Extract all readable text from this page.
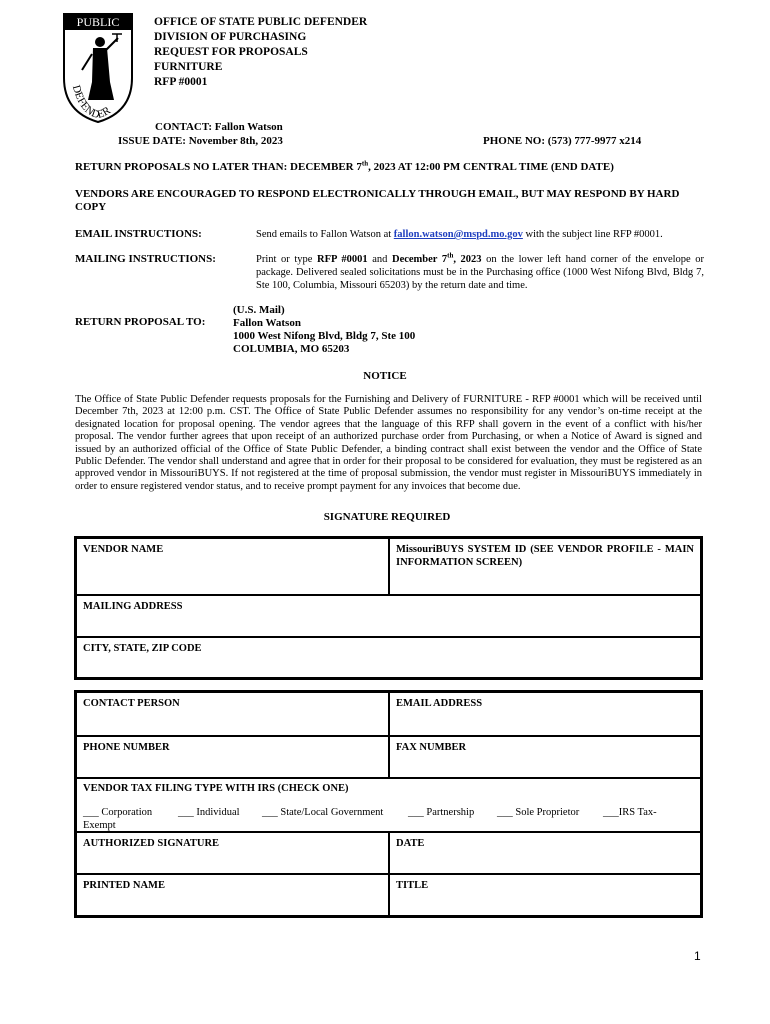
PUBLIC
DEFENDER
OFFICE OF STATE PUBLIC DEFENDER
DIVISION OF PURCHASING
REQUEST FOR PROPOSALS
FURNITURE
RFP #0001
CONTACT: Fallon Watson
ISSUE DATE: November 8th, 2023	PHONE NO: (573) 777-9977 x214
RETURN PROPOSALS NO LATER THAN: DECEMBER 7th, 2023 AT 12:00 PM CENTRAL TIME (END DATE)
VENDORS ARE ENCOURAGED TO RESPOND ELECTRONICALLY THROUGH EMAIL, BUT MAY RESPOND BY HARD COPY
EMAIL INSTRUCTIONS:	Send emails to Fallon Watson at fallon.watson@mspd.mo.gov with the subject line RFP #0001.
MAILING INSTRUCTIONS:	Print or type RFP #0001 and December 7th, 2023 on the lower left hand corner of the envelope or package. Delivered sealed solicitations must be in the Purchasing office (1000 West Nifong Blvd, Bldg 7, Ste 100, Columbia, Missouri 65203) by the return date and time.
RETURN PROPOSAL TO:
(U.S. Mail)
Fallon Watson
1000 West Nifong Blvd, Bldg 7, Ste 100
COLUMBIA, MO 65203
NOTICE
The Office of State Public Defender requests proposals for the Furnishing and Delivery of FURNITURE - RFP #0001 which will be received until December 7th, 2023 at 12:00 p.m. CST. The Office of State Public Defender assumes no responsibility for any vendor’s on-time receipt at the designated location for proposal opening. The vendor agrees that the language of this RFP shall govern in the event of a conflict with his/her proposal. The vendor further agrees that upon receipt of an authorized purchase order from Purchasing, or when a Notice of Award is signed and issued by an authorized official of the Office of State Public Defender, a binding contract shall exist between the vendor and the Office of State Public Defender. The vendor shall understand and agree that in order for their proposal to be considered for evaluation, they must be registered as an approved vendor in MissouriBUYS. If not registered at the time of proposal submission, the vendor must register in MissouriBUYS immediately in order to ensure registered vendor status, and to receive prompt payment for any invoices that become due.
SIGNATURE REQUIRED
VENDOR NAME	MissouriBUYS SYSTEM ID (SEE VENDOR PROFILE - MAIN INFORMATION SCREEN)
MAILING ADDRESS
CITY, STATE, ZIP CODE
CONTACT PERSON	EMAIL ADDRESS
PHONE NUMBER	FAX NUMBER
VENDOR TAX FILING TYPE WITH IRS (CHECK ONE)
___ Corporation ___ Individual ___ State/Local Government ___ Partnership ___ Sole Proprietor ___IRS Tax-
Exempt
AUTHORIZED SIGNATURE	DATE
PRINTED NAME	TITLE
1
